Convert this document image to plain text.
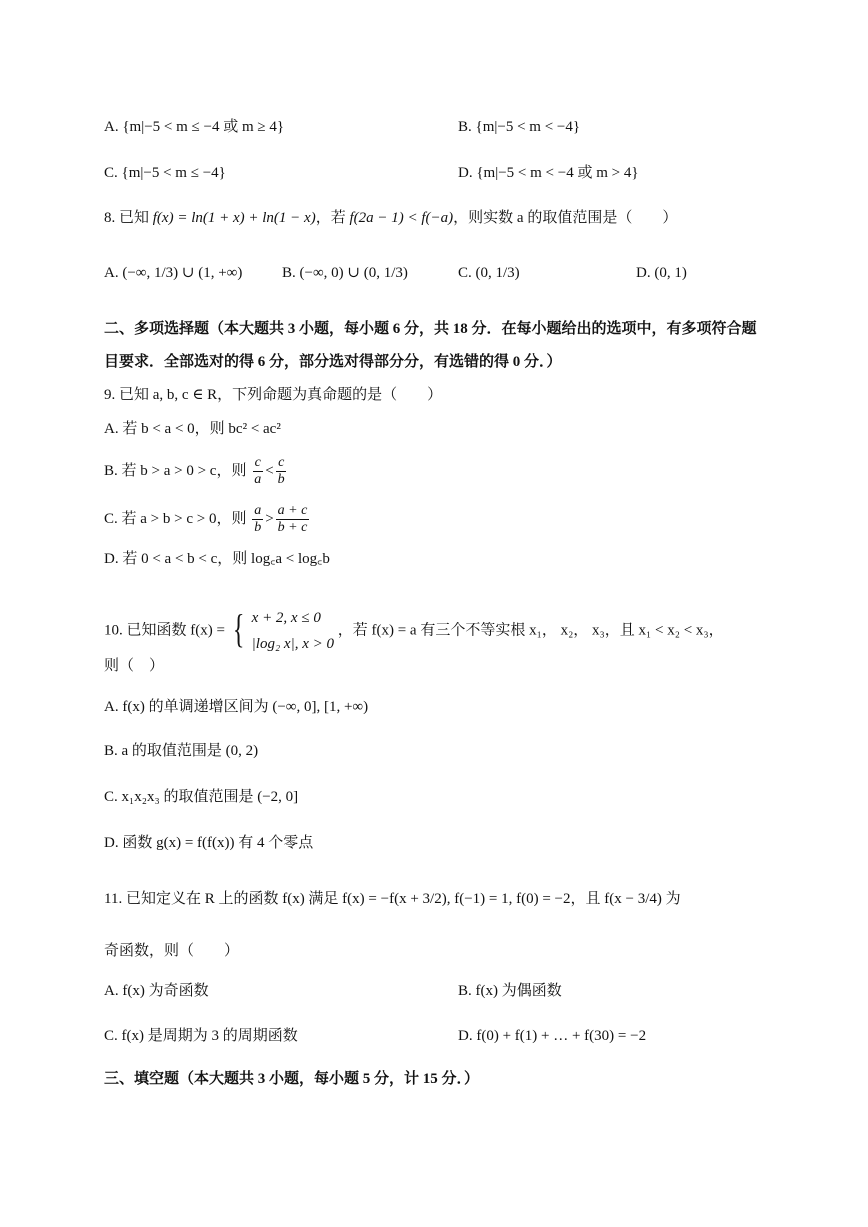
A. {m|−5 < m ≤ −4 或 m ≥ 4}	B. {m|−5 < m < −4}
C. {m|−5 < m ≤ −4}	D. {m|−5 < m < −4 或 m > 4}
8. 已知 f(x) = ln(1 + x) + ln(1 − x)，若 f(2a − 1) < f(−a)，则实数 a 的取值范围是（　　）
A. (−∞, 1/3) ∪ (1, +∞)	B. (−∞, 0) ∪ (0, 1/3)	C. (0, 1/3)	D. (0, 1)
二、多项选择题（本大题共 3 小题，每小题 6 分，共 18 分．在每小题给出的选项中，有多项符合题
目要求．全部选对的得 6 分，部分选对得部分分，有选错的得 0 分．）
9. 已知 a, b, c ∈ R，下列命题为真命题的是（　　）
A. 若 b < a < 0，则 bc² < ac²
B. 若 b > a > 0 > c，则 $\frac{c}{a} < \frac{c}{b}$
C. 若 a > b > c > 0，则 $\frac{a}{b} > \frac{a + c}{b + c}$
D. 若 0 < a < b < c，则 log꜀a < log꜀b
10. 已知函数 f(x) = { x + 2, x ≤ 0
|log₂ x|, x > 0
，若 f(x) = a 有三个不等实根 x₁， x₂， x₃，且 x₁ < x₂ < x₃，
则（　）
A. f(x) 的单调递增区间为 (−∞, 0], [1, +∞)
B. a 的取值范围是 (0, 2)
C. x₁x₂x₃ 的取值范围是 (−2, 0]
D. 函数 g(x) = f(f(x)) 有 4 个零点
11. 已知定义在 R 上的函数 f(x) 满足 f(x) = −f(x + 3/2), f(−1) = 1, f(0) = −2，且 f(x − 3/4) 为
奇函数，则（　　）
A. f(x) 为奇函数	B. f(x) 为偶函数
C. f(x) 是周期为 3 的周期函数	D. f(0) + f(1) + … + f(30) = −2
三、填空题（本大题共 3 小题，每小题 5 分，计 15 分．）
